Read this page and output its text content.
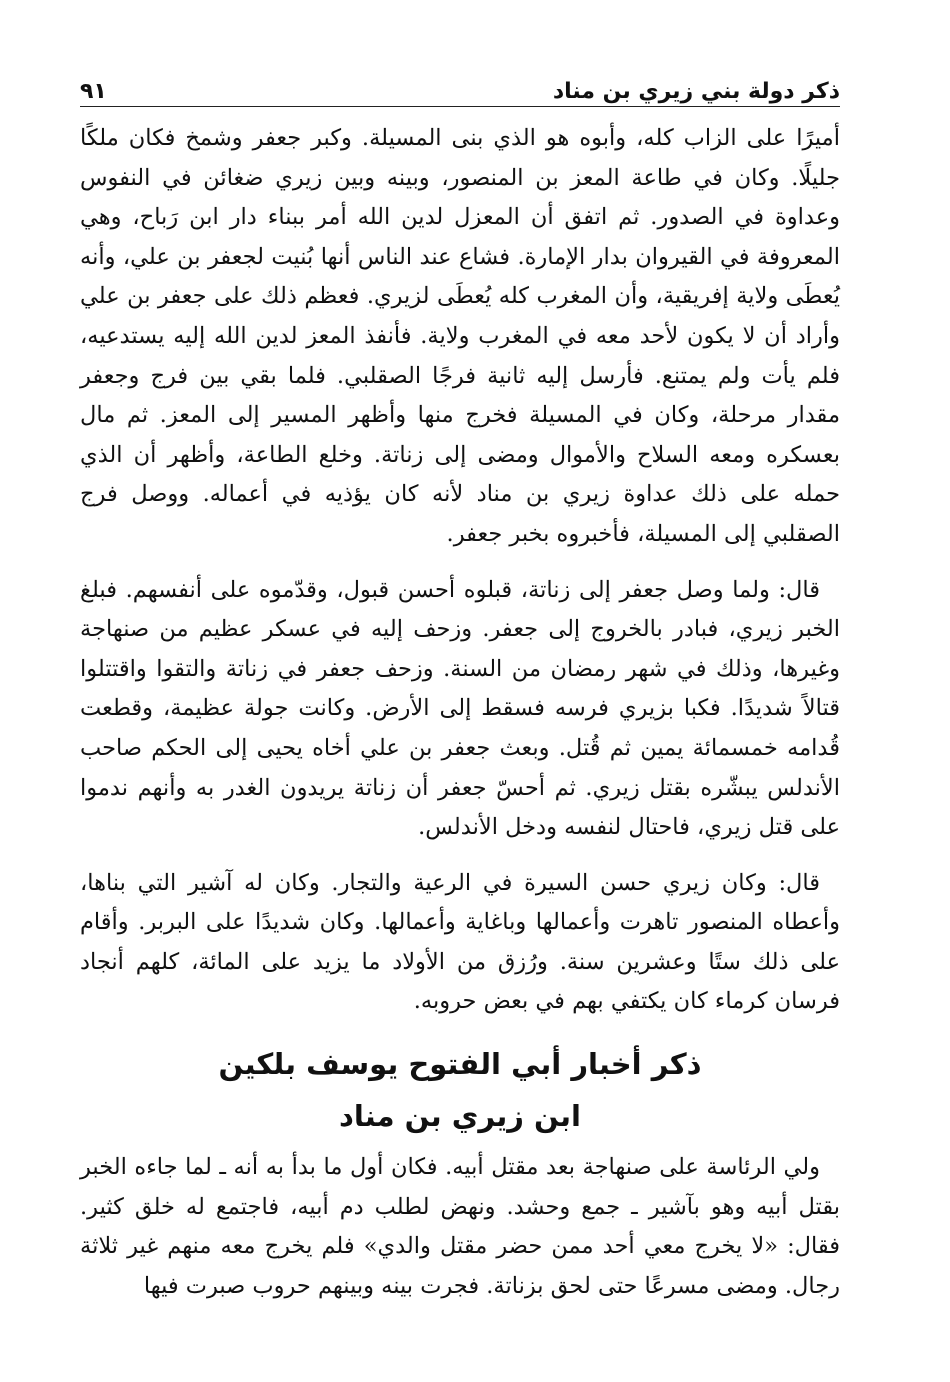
ذكر دولة بني زيري بن مناد
٩١

أميرًا على الزاب كله، وأبوه هو الذي بنى المسيلة. وكبر جعفر وشمخ فكان ملكًا جليلًا. وكان في طاعة المعز بن المنصور، وبينه وبين زيري ضغائن في النفوس وعداوة في الصدور. ثم اتفق أن المعزل لدين الله أمر ببناء دار ابن رَباح، وهي المعروفة في القيروان بدار الإمارة. فشاع عند الناس أنها بُنيت لجعفر بن علي، وأنه يُعطَى ولاية إفريقية، وأن المغرب كله يُعطَى لزيري. فعظم ذلك على جعفر بن علي وأراد أن لا يكون لأحد معه في المغرب ولاية. فأنفذ المعز لدين الله إليه يستدعيه، فلم يأت ولم يمتنع. فأرسل إليه ثانية فرجًا الصقلبي. فلما بقي بين فرج وجعفر مقدار مرحلة، وكان في المسيلة فخرج منها وأظهر المسير إلى المعز. ثم مال بعسكره ومعه السلاح والأموال ومضى إلى زناتة. وخلع الطاعة، وأظهر أن الذي حمله على ذلك عداوة زيري بن مناد لأنه كان يؤذيه في أعماله. ووصل فرج الصقلبي إلى المسيلة، فأخبروه بخبر جعفر.

قال: ولما وصل جعفر إلى زناتة، قبلوه أحسن قبول، وقدّموه على أنفسهم. فبلغ الخبر زيري، فبادر بالخروج إلى جعفر. وزحف إليه في عسكر عظيم من صنهاجة وغيرها، وذلك في شهر رمضان من السنة. وزحف جعفر في زناتة والتقوا واقتتلوا قتالاً شديدًا. فكبا بزيري فرسه فسقط إلى الأرض. وكانت جولة عظيمة، وقطعت قُدامه خمسمائة يمين ثم قُتل. وبعث جعفر بن علي أخاه يحيى إلى الحكم صاحب الأندلس يبشّره بقتل زيري. ثم أحسّ جعفر أن زناتة يريدون الغدر به وأنهم ندموا على قتل زيري، فاحتال لنفسه ودخل الأندلس.

قال: وكان زيري حسن السيرة في الرعية والتجار. وكان له آشير التي بناها، وأعطاه المنصور تاهرت وأعمالها وباغاية وأعمالها. وكان شديدًا على البربر. وأقام على ذلك ستًا وعشرين سنة. ورُزق من الأولاد ما يزيد على المائة، كلهم أنجاد فرسان كرماء كان يكتفي بهم في بعض حروبه.

ذكر أخبار أبي الفتوح يوسف بلكين
ابن زيري بن مناد

ولي الرئاسة على صنهاجة بعد مقتل أبيه. فكان أول ما بدأ به أنه ـ لما جاءه الخبر بقتل أبيه وهو بآشير ـ جمع وحشد. ونهض لطلب دم أبيه، فاجتمع له خلق كثير. فقال: «لا يخرج معي أحد ممن حضر مقتل والدي» فلم يخرج معه منهم غير ثلاثة رجال. ومضى مسرعًا حتى لحق بزناتة. فجرت بينه وبينهم حروب صبرت فيها
